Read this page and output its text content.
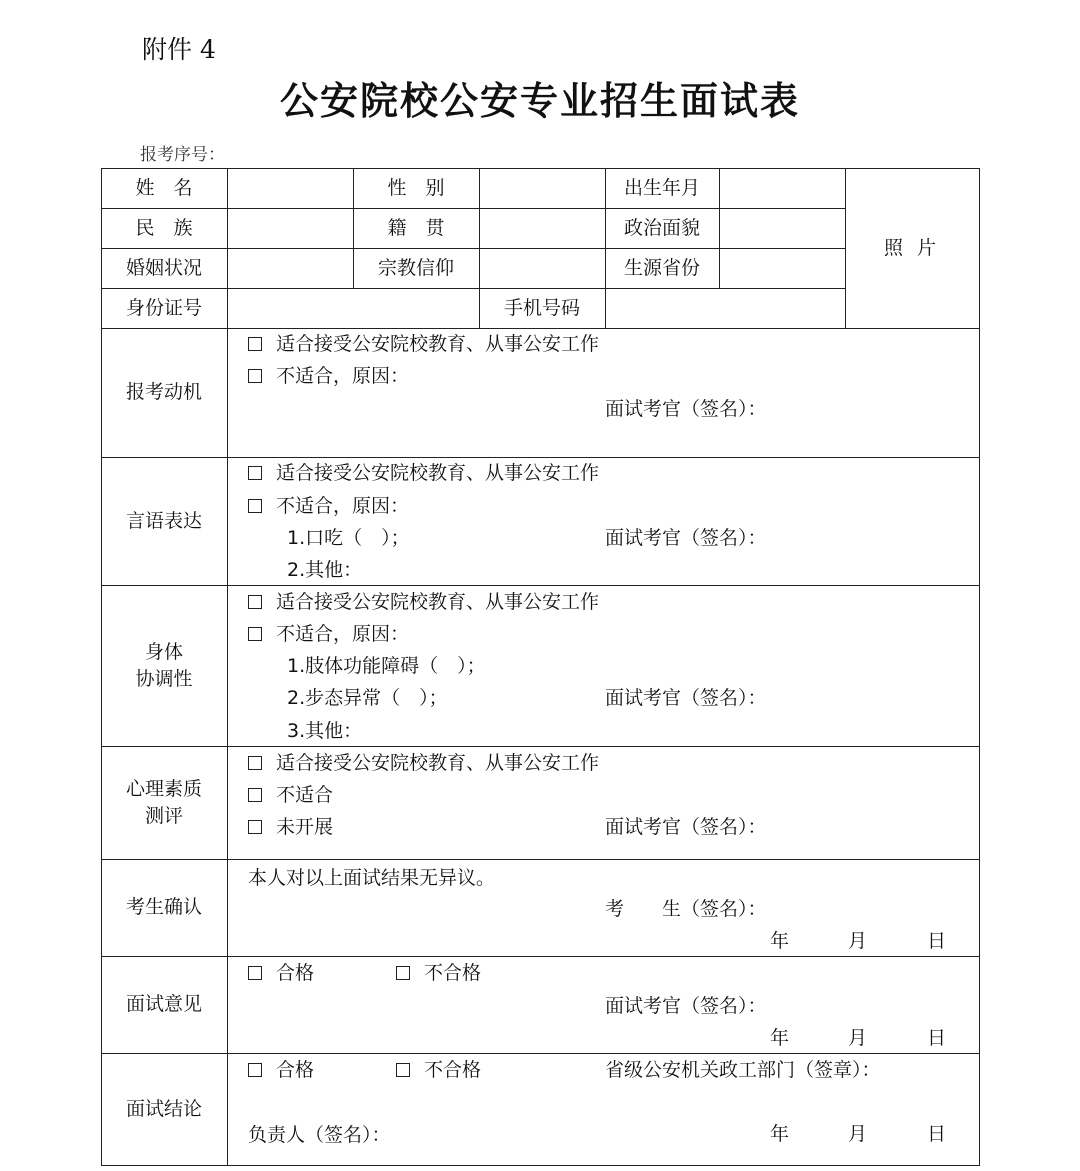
附件 4
公安院校公安专业招生面试表
报考序号：
姓　名	性　别	出生年月
民　族	籍　贯	政治面貌
婚姻状况	宗教信仰	生源省份
身份证号	手机号码
照 片
报考动机
适合接受公安院校教育、从事公安工作
不适合，原因：
面试考官（签名）：
言语表达
适合接受公安院校教育、从事公安工作
不适合，原因：
1.口吃（　）；
2.其他：
面试考官（签名）：
身体
协调性
适合接受公安院校教育、从事公安工作
不适合，原因：
1.肢体功能障碍（　）；
2.步态异常（　）；
3.其他：
面试考官（签名）：
心理素质
测评
适合接受公安院校教育、从事公安工作
不适合
未开展	面试考官（签名）：
考生确认
本人对以上面试结果无异议。
考　　生（签名）：
年	月	日
面试意见
合格	不合格
面试考官（签名）：
年	月	日
面试结论
合格	不合格	省级公安机关政工部门（签章）：
负责人（签名）：	年	月	日
